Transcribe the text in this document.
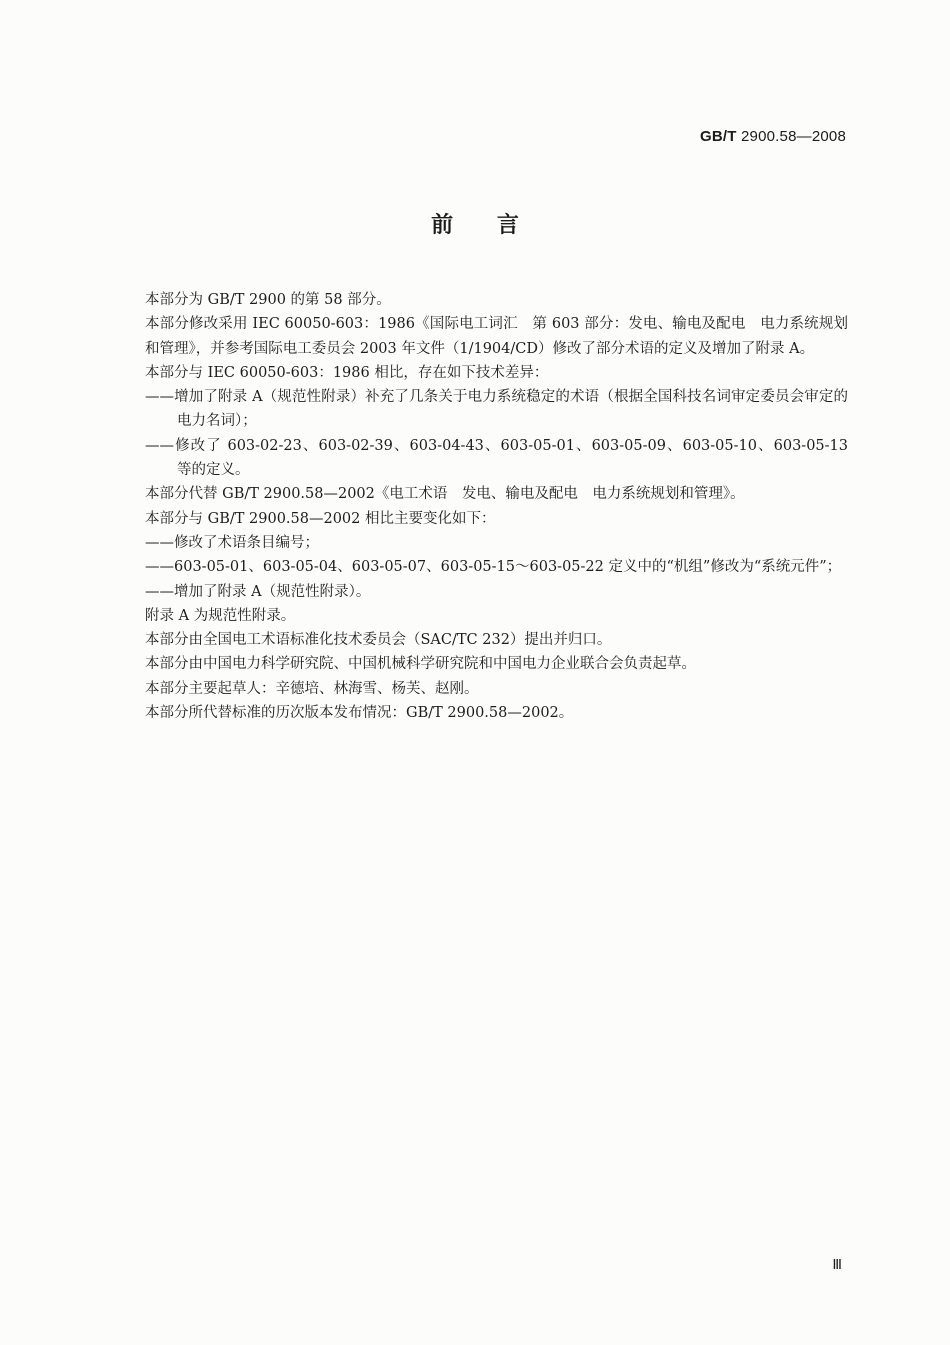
GB/T 2900.58—2008
前 言

本部分为 GB/T 2900 的第 58 部分。

本部分修改采用 IEC 60050-603：1986《国际电工词汇　第 603 部分：发电、输电及配电　电力系统规划和管理》，并参考国际电工委员会 2003 年文件（1/1904/CD）修改了部分术语的定义及增加了附录 A。

本部分与 IEC 60050-603：1986 相比，存在如下技术差异：

——增加了附录 A（规范性附录）补充了几条关于电力系统稳定的术语（根据全国科技名词审定委员会审定的电力名词）；

——修改了 603-02-23、603-02-39、603-04-43、603-05-01、603-05-09、603-05-10、603-05-13 等的定义。

本部分代替 GB/T 2900.58—2002《电工术语　发电、输电及配电　电力系统规划和管理》。

本部分与 GB/T 2900.58—2002 相比主要变化如下：

——修改了术语条目编号；

——603-05-01、603-05-04、603-05-07、603-05-15～603-05-22 定义中的“机组”修改为“系统元件”；

——增加了附录 A（规范性附录）。

附录 A 为规范性附录。

本部分由全国电工术语标准化技术委员会（SAC/TC 232）提出并归口。

本部分由中国电力科学研究院、中国机械科学研究院和中国电力企业联合会负责起草。

本部分主要起草人：辛德培、林海雪、杨芙、赵刚。

本部分所代替标准的历次版本发布情况：GB/T 2900.58—2002。

Ⅲ
